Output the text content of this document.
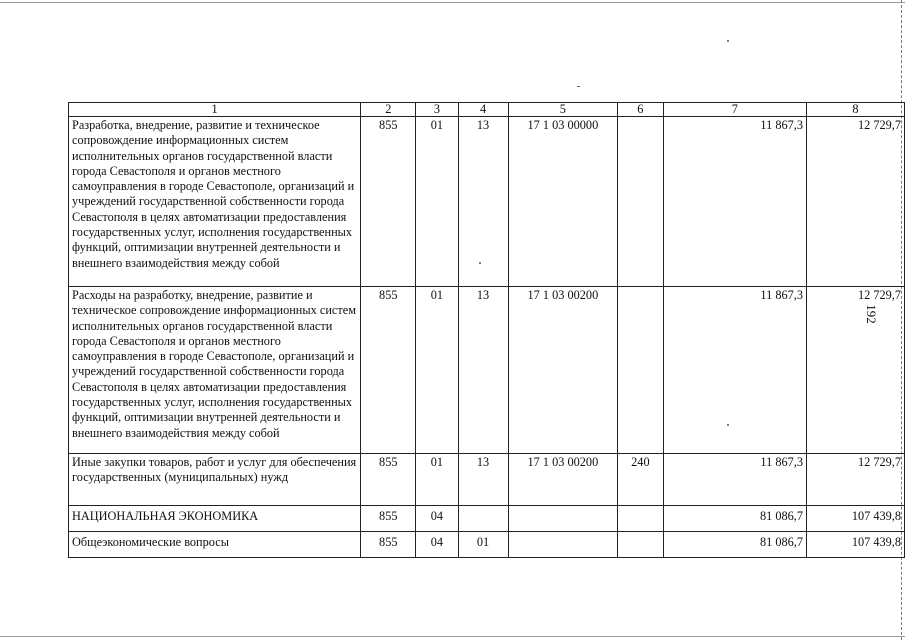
192
1	2	3	4	5	6	7	8
Разработка, внедрение, развитие и техническое сопровождение информационных систем исполнительных органов государственной власти города Севастополя и органов местного самоуправления в городе Севастополе, организаций и учреждений государственной собственности города Севастополя в целях автоматизации предоставления государственных услуг, исполнения государственных функций, оптимизации внутренней деятельности и внешнего взаимодействия между собой	855	01	13	17 1 03 00000		11 867,3	12 729,7
Расходы на разработку, внедрение, развитие и техническое сопровождение информационных систем исполнительных органов государственной власти города Севастополя и органов местного самоуправления в городе Севастополе, организаций и учреждений государственной собственности города Севастополя в целях автоматизации предоставления государственных услуг, исполнения государственных функций, оптимизации внутренней деятельности и внешнего взаимодействия между собой	855	01	13	17 1 03 00200		11 867,3	12 729,7
Иные закупки товаров, работ и услуг для обеспечения государственных (муниципальных) нужд	855	01	13	17 1 03 00200	240	11 867,3	12 729,7
НАЦИОНАЛЬНАЯ ЭКОНОМИКА	855	04				81 086,7	107 439,8
Общеэкономические вопросы	855	04	01			81 086,7	107 439,8
